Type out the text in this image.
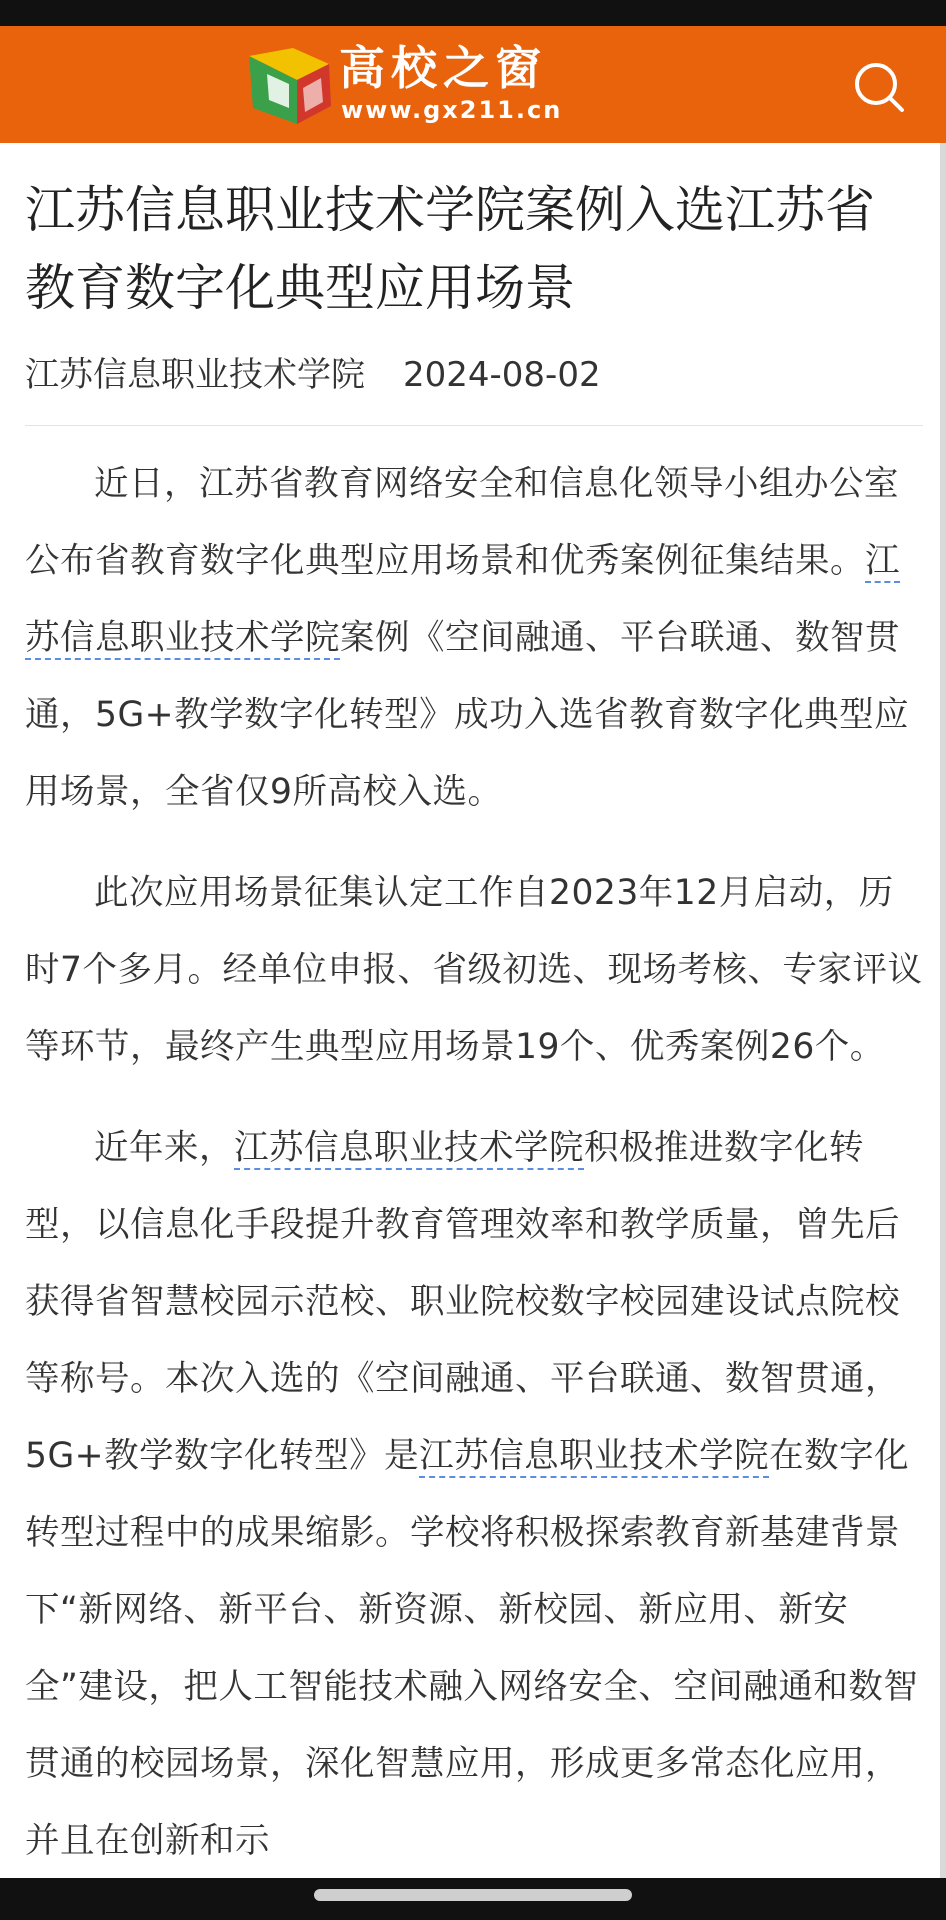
高校之窗
www.gx211.cn
江苏信息职业技术学院案例入选江苏省教育数字化典型应用场景
江苏信息职业技术学院 2024-08-02

近日，江苏省教育网络安全和信息化领导小组办公室公布省教育数字化典型应用场景和优秀案例征集结果。江苏信息职业技术学院案例《空间融通、平台联通、数智贯通，5G+教学数字化转型》成功入选省教育数字化典型应用场景，全省仅9所高校入选。

此次应用场景征集认定工作自2023年12月启动，历时7个多月。经单位申报、省级初选、现场考核、专家评议等环节，最终产生典型应用场景19个、优秀案例26个。

近年来，江苏信息职业技术学院积极推进数字化转型，以信息化手段提升教育管理效率和教学质量，曾先后获得省智慧校园示范校、职业院校数字校园建设试点院校等称号。本次入选的《空间融通、平台联通、数智贯通，5G+教学数字化转型》是江苏信息职业技术学院在数字化转型过程中的成果缩影。学校将积极探索教育新基建背景下“新网络、新平台、新资源、新校园、新应用、新安全”建设，把人工智能技术融入网络安全、空间融通和数智贯通的校园场景，深化智慧应用，形成更多常态化应用，并且在创新和示
